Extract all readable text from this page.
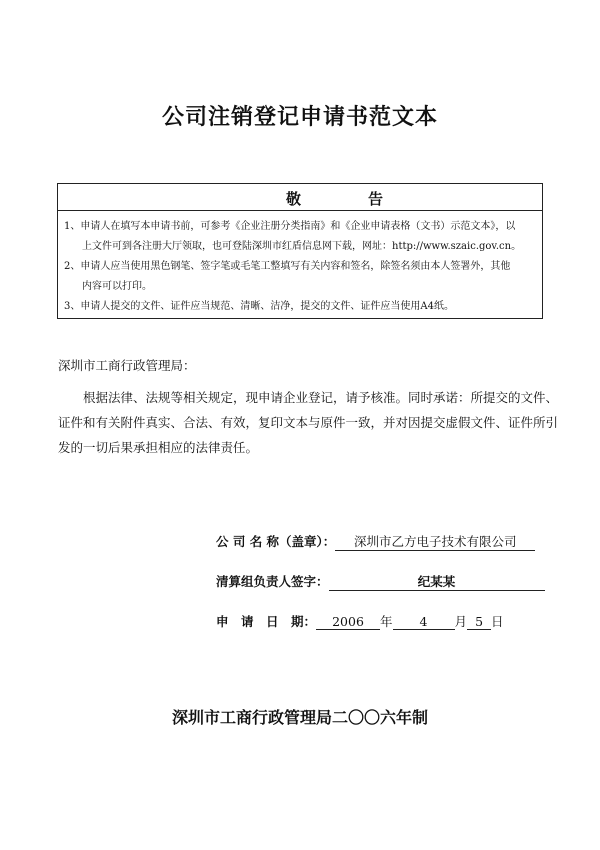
公司注销登记申请书范文本
敬	告
1、申请人在填写本申请书前，可参考《企业注册分类指南》和《企业申请表格（文书）示范文本》，以
上文件可到各注册大厅领取，也可登陆深圳市红盾信息网下载，网址：http://www.szaic.gov.cn。
2、申请人应当使用黑色钢笔、签字笔或毛笔工整填写有关内容和签名，除签名须由本人签署外，其他
内容可以打印。
3、申请人提交的文件、证件应当规范、清晰、洁净，提交的文件、证件应当使用A4纸。
深圳市工商行政管理局：
根据法律、法规等相关规定，现申请企业登记，请予核准。同时承诺：所提交的文件、
证件和有关附件真实、合法、有效，复印文本与原件一致，并对因提交虚假文件、证件所引
发的一切后果承担相应的法律责任。
公 司 名 称（盖章）： 深圳市乙方电子技术有限公司
清算组负责人签字：	纪某某
申　请　日　期： 2006 年 4 月 5 日
深圳市工商行政管理局二〇〇六年制
